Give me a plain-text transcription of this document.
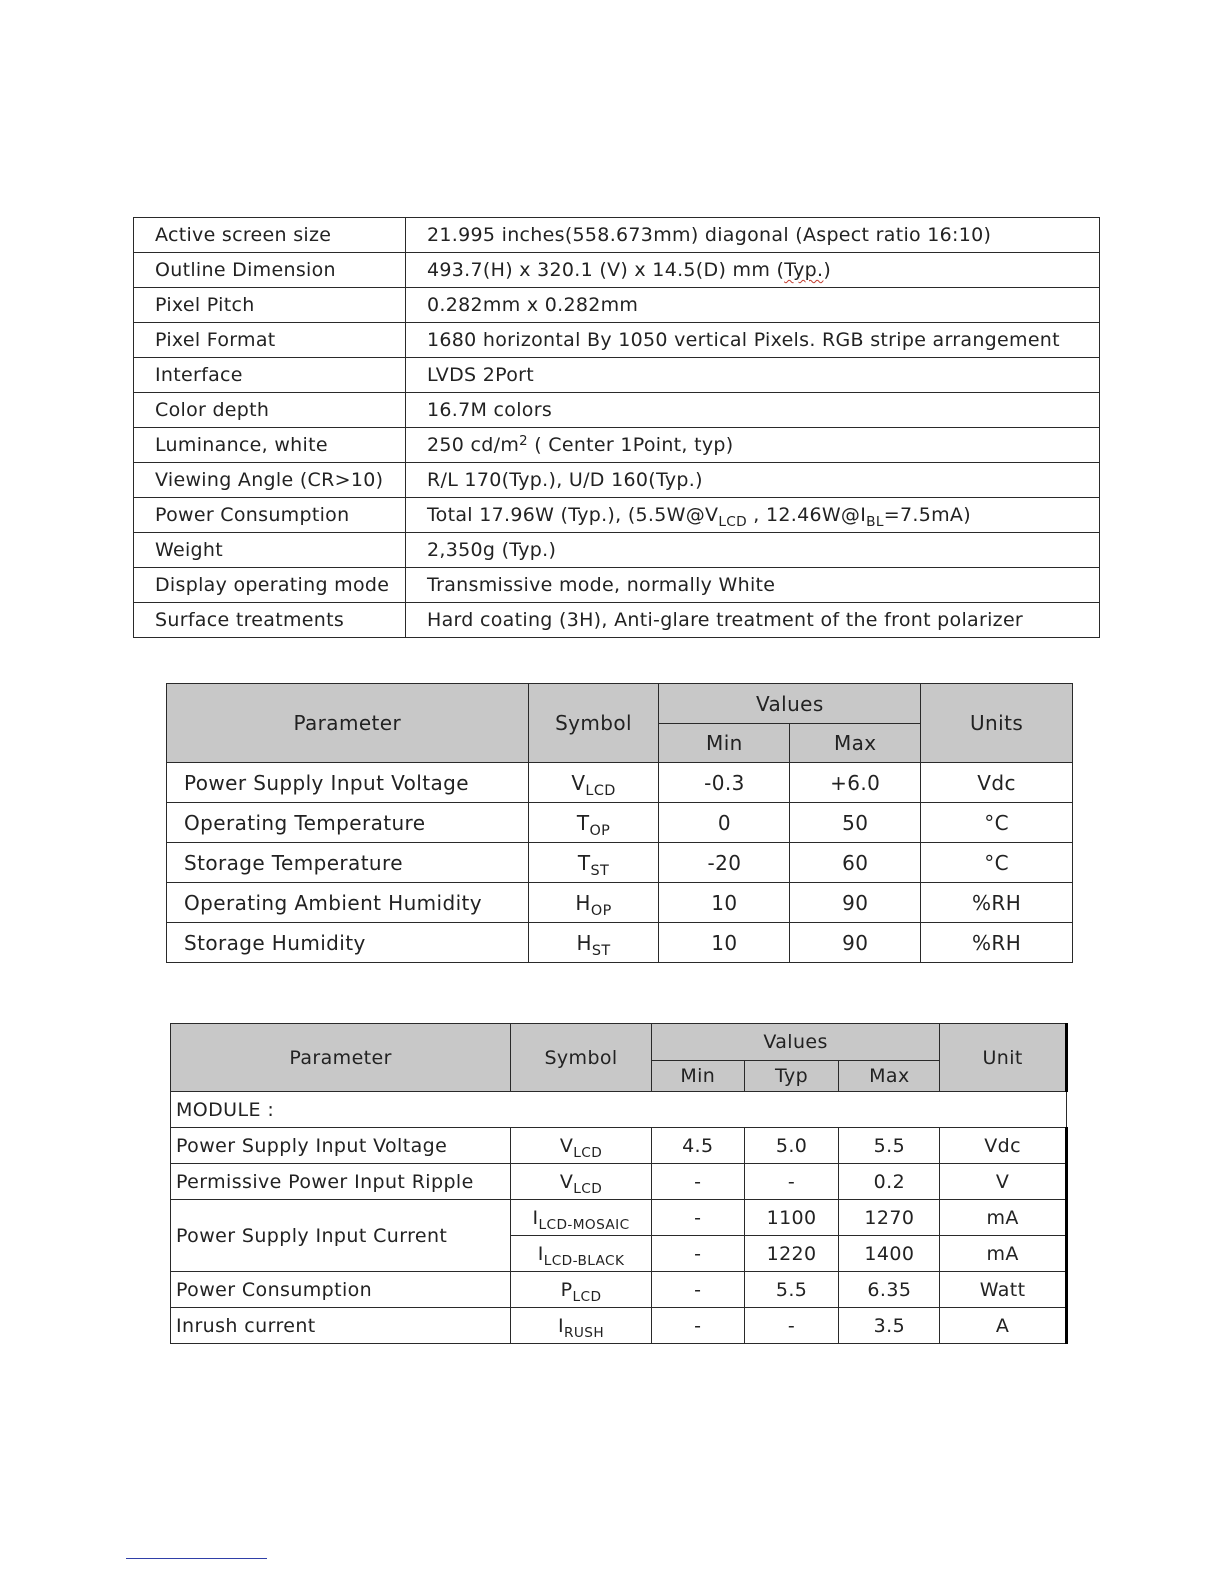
Active screen size	21.995 inches(558.673mm) diagonal (Aspect ratio 16:10)
Outline Dimension	493.7(H) x 320.1 (V) x 14.5(D) mm (Typ.)
Pixel Pitch	0.282mm x 0.282mm
Pixel Format	1680 horizontal By 1050 vertical Pixels. RGB stripe arrangement
Interface	LVDS 2Port
Color depth	16.7M colors
Luminance, white	250 $cd/m^2$ ( Center 1Point, typ)
Viewing Angle (CR>10)	R/L 170(Typ.), U/D 160(Typ.)
Power Consumption	Total 17.96W (Typ.), ($5.5W@V_{LCD}$ , $12.46W@I_{BL}=7.5mA$)
Weight	2,350g (Typ.)
Display operating mode	Transmissive mode, normally White
Surface treatments	Hard coating (3H), Anti-glare treatment of the front polarizer
Parameter	Symbol	Values		Units
		Min	Max	
Power Supply Input Voltage	$V_{LCD}$	-0.3	+6.0	Vdc
Operating Temperature	$T_{OP}$	0	50	°C
Storage Temperature	$T_{ST}$	-20	60	°C
Operating Ambient Humidity	$H_{OP}$	10	90	%RH
Storage Humidity	$H_{ST}$	10	90	%RH
Parameter	Symbol	Values			Unit
		Min	Typ	Max	
MODULE :					
Power Supply Input Voltage	$V_{LCD}$	4.5	5.0	5.5	Vdc
Permissive Power Input Ripple	$V_{LCD}$	-	-	0.2	V
Power Supply Input Current	$I_{LCD-MOSAIC}$	-	1100	1270	mA
	$I_{LCD-BLACK}$	-	1220	1400	mA
Power Consumption	$P_{LCD}$	-	5.5	6.35	Watt
Inrush current	$I_{RUSH}$	-	-	3.5	A
